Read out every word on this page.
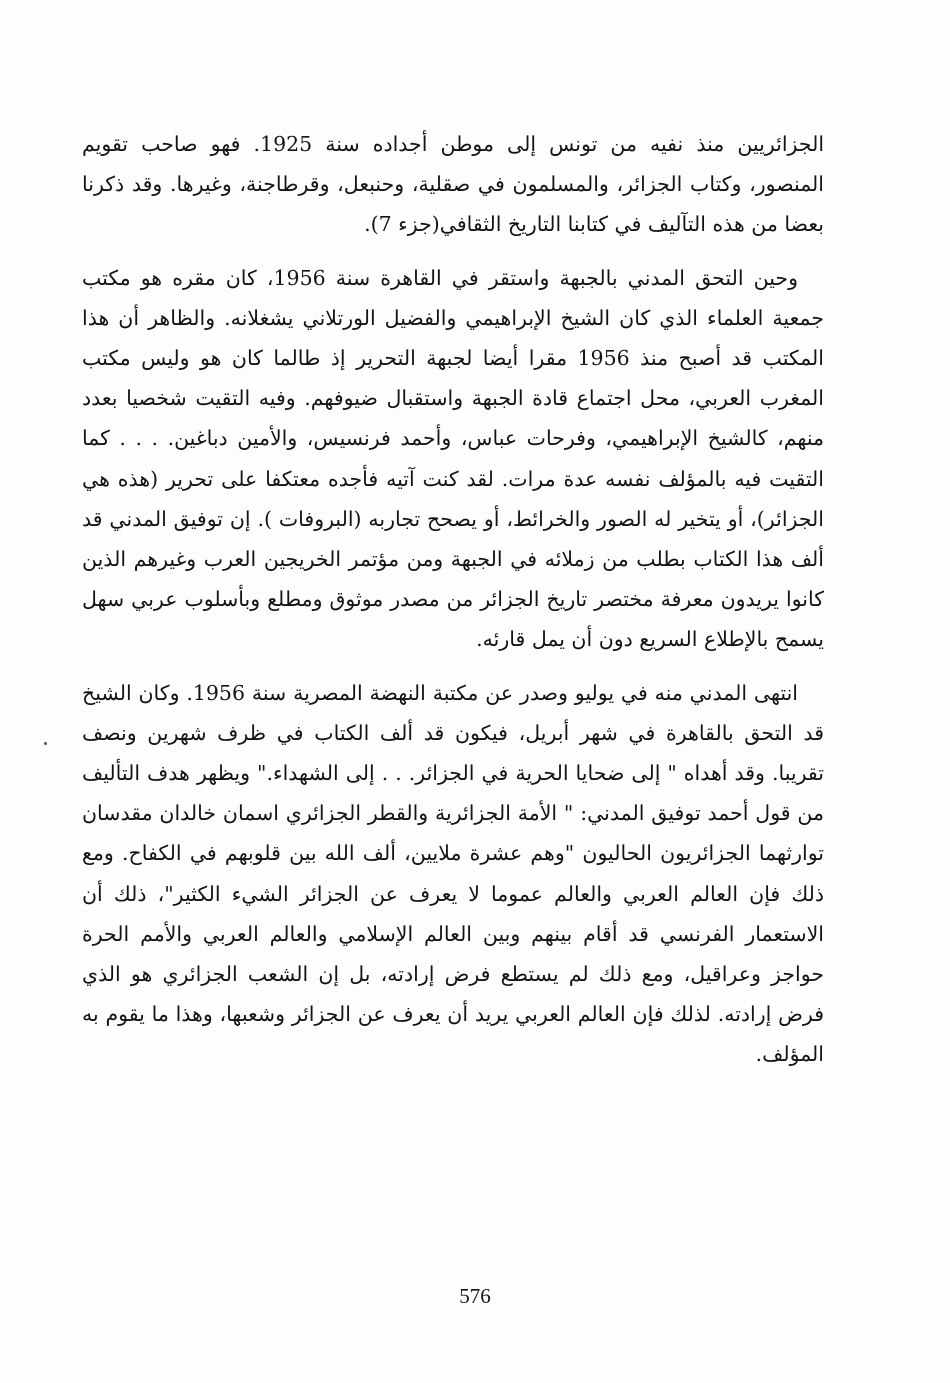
الجزائريين منذ نفيه من تونس إلى موطن أجداده سنة 1925. فهو صاحب تقويم المنصور، وكتاب الجزائر، والمسلمون في صقلية، وحنبعل، وقرطاجنة، وغيرها. وقد ذكرنا بعضا من هذه التآليف في كتابنا التاريخ الثقافي(جزء 7).

وحين التحق المدني بالجبهة واستقر في القاهرة سنة 1956، كان مقره هو مكتب جمعية العلماء الذي كان الشيخ الإبراهيمي والفضيل الورتلاني يشغلانه. والظاهر أن هذا المكتب قد أصبح منذ 1956 مقرا أيضا لجبهة التحرير إذ طالما كان هو وليس مكتب المغرب العربي، محل اجتماع قادة الجبهة واستقبال ضيوفهم. وفيه التقيت شخصيا بعدد منهم، كالشيخ الإبراهيمي، وفرحات عباس، وأحمد فرنسيس، والأمين دباغين. . . . كما التقيت فيه بالمؤلف نفسه عدة مرات. لقد كنت آتيه فأجده معتكفا على تحرير (هذه هي الجزائر)، أو يتخير له الصور والخرائط، أو يصحح تجاربه (البروفات ). إن توفيق المدني قد ألف هذا الكتاب بطلب من زملائه في الجبهة ومن مؤتمر الخريجين العرب وغيرهم الذين كانوا يريدون معرفة مختصر تاريخ الجزائر من مصدر موثوق ومطلع وبأسلوب عربي سهل يسمح بالإطلاع السريع دون أن يمل قارئه.

انتهى المدني منه في يوليو وصدر عن مكتبة النهضة المصرية سنة 1956. وكان الشيخ قد التحق بالقاهرة في شهر أبريل، فيكون قد ألف الكتاب في ظرف شهرين ونصف تقريبا. وقد أهداه " إلى ضحايا الحرية في الجزائر. . . إلى الشهداء." ويظهر هدف التأليف من قول أحمد توفيق المدني: " الأمة الجزائرية والقطر الجزائري اسمان خالدان مقدسان توارثهما الجزائريون الحاليون "وهم عشرة ملايين، ألف الله بين قلوبهم في الكفاح. ومع ذلك فإن العالم العربي والعالم عموما لا يعرف عن الجزائر الشيء الكثير"، ذلك أن الاستعمار الفرنسي قد أقام بينهم وبين العالم الإسلامي والعالم العربي والأمم الحرة حواجز وعراقيل، ومع ذلك لم يستطع فرض إرادته، بل إن الشعب الجزائري هو الذي فرض إرادته. لذلك فإن العالم العربي يريد أن يعرف عن الجزائر وشعبها، وهذا ما يقوم به المؤلف.

576
